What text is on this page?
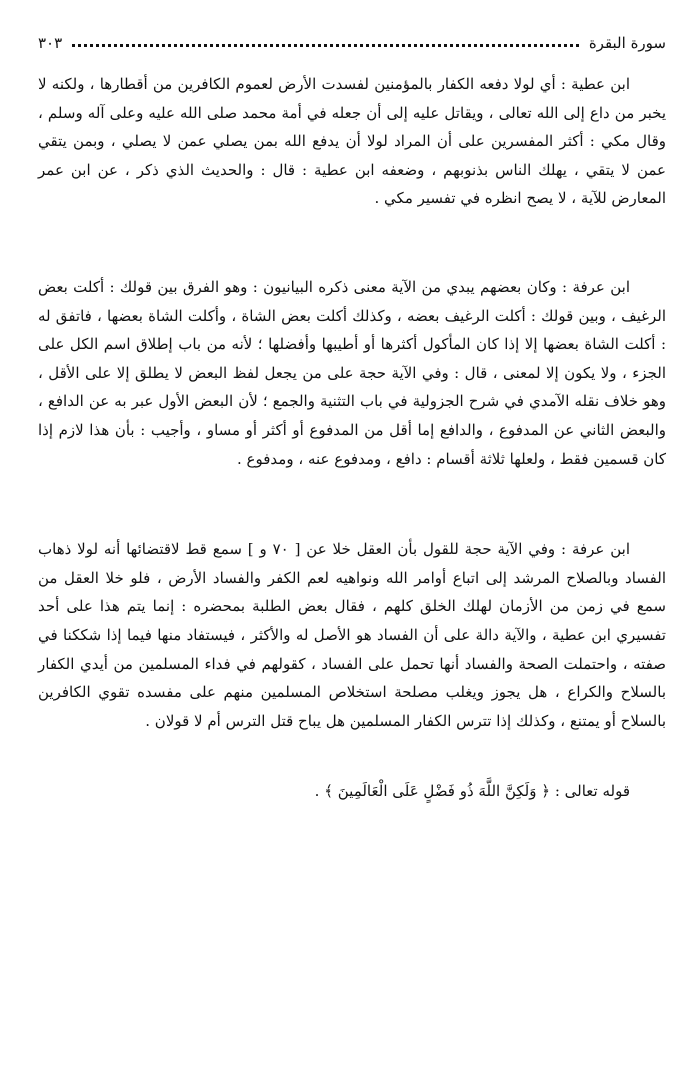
سورة البقرة
٣٠٣

ابن عطية : أي لولا دفعه الكفار بالمؤمنين لفسدت الأرض لعموم الكافرين من أقطارها ، ولكنه لا يخبر من داع إلى الله تعالى ، ويقاتل عليه إلى أن جعله في أمة محمد صلى الله عليه وعلى آله وسلم ، وقال مكي : أكثر المفسرين على أن المراد لولا أن يدفع الله بمن يصلي عمن لا يصلي ، وبمن يتقي عمن لا يتقي ، يهلك الناس بذنوبهم ، وضعفه ابن عطية : قال : والحديث الذي ذكر ، عن ابن عمر المعارض للآية ، لا يصح انظره في تفسير مكي .

ابن عرفة : وكان بعضهم يبدي من الآية معنى ذكره البيانيون : وهو الفرق بين قولك : أكلت بعض الرغيف ، وبين قولك : أكلت الرغيف بعضه ، وكذلك أكلت بعض الشاة ، وأكلت الشاة بعضها ، فاتفق له : أكلت الشاة بعضها إلا إذا كان المأكول أكثرها أو أطيبها وأفضلها ؛ لأنه من باب إطلاق اسم الكل على الجزء ، ولا يكون إلا لمعنى ، قال : وفي الآية حجة على من يجعل لفظ البعض لا يطلق إلا على الأقل ، وهو خلاف نقله الآمدي في شرح الجزولية في باب التثنية والجمع ؛ لأن البعض الأول عبر به عن الدافع ، والبعض الثاني عن المدفوع ، والدافع إما أقل من المدفوع أو أكثر أو مساو ، وأجيب : بأن هذا لازم إذا كان قسمين فقط ، ولعلها ثلاثة أقسام : دافع ، ومدفوع عنه ، ومدفوع .

ابن عرفة : وفي الآية حجة للقول بأن العقل خلا عن [ ٧٠ و ] سمع قط لاقتضائها أنه لولا ذهاب الفساد وبالصلاح المرشد إلى اتباع أوامر الله ونواهيه لعم الكفر والفساد الأرض ، فلو خلا العقل من سمع في زمن من الأزمان لهلك الخلق كلهم ، فقال بعض الطلبة بمحضره : إنما يتم هذا على أحد تفسيري ابن عطية ، والآية دالة على أن الفساد هو الأصل له والأكثر ، فيستفاد منها فيما إذا شككنا في صفته ، واحتملت الصحة والفساد أنها تحمل على الفساد ، كقولهم في فداء المسلمين من أيدي الكفار بالسلاح والكراع ، هل يجوز ويغلب مصلحة استخلاص المسلمين منهم على مفسده تقوي الكافرين بالسلاح أو يمتنع ، وكذلك إذا تترس الكفار المسلمين هل يباح قتل الترس أم لا قولان .

قوله تعالى : ﴿ وَلَكِنَّ اللَّهَ ذُو فَضْلٍ عَلَى الْعَالَمِينَ ﴾ .
